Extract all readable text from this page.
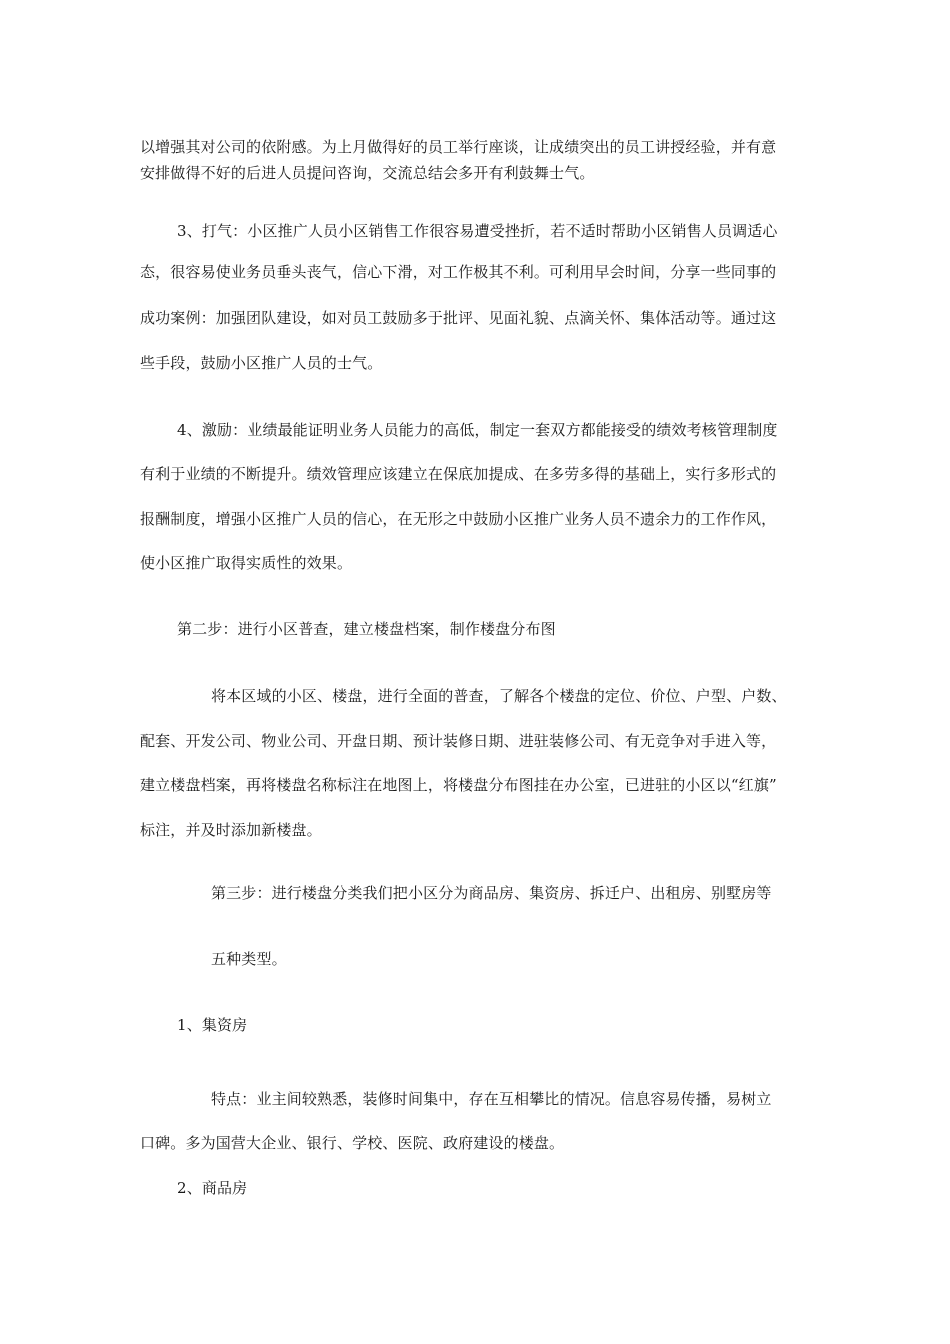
以增强其对公司的依附感。为上月做得好的员工举行座谈，让成绩突出的员工讲授经验，并有意

安排做得不好的后进人员提问咨询，交流总结会多开有利鼓舞士气。

3、打气：小区推广人员小区销售工作很容易遭受挫折，若不适时帮助小区销售人员调适心

态，很容易使业务员垂头丧气，信心下滑，对工作极其不利。可利用早会时间，分享一些同事的

成功案例：加强团队建设，如对员工鼓励多于批评、见面礼貌、点滴关怀、集体活动等。通过这

些手段，鼓励小区推广人员的士气。

4、激励：业绩最能证明业务人员能力的高低，制定一套双方都能接受的绩效考核管理制度

有利于业绩的不断提升。绩效管理应该建立在保底加提成、在多劳多得的基础上，实行多形式的

报酬制度，增强小区推广人员的信心，在无形之中鼓励小区推广业务人员不遗余力的工作作风，

使小区推广取得实质性的效果。

第二步：进行小区普查，建立楼盘档案，制作楼盘分布图

将本区域的小区、楼盘，进行全面的普查，了解各个楼盘的定位、价位、户型、户数、

配套、开发公司、物业公司、开盘日期、预计装修日期、进驻装修公司、有无竞争对手进入等，

建立楼盘档案，再将楼盘名称标注在地图上，将楼盘分布图挂在办公室，已进驻的小区以“红旗”

标注，并及时添加新楼盘。

第三步：进行楼盘分类我们把小区分为商品房、集资房、拆迁户、出租房、别墅房等

五种类型。

1、集资房

特点：业主间较熟悉，装修时间集中，存在互相攀比的情况。信息容易传播，易树立

口碑。多为国营大企业、银行、学校、医院、政府建设的楼盘。

2、商品房
